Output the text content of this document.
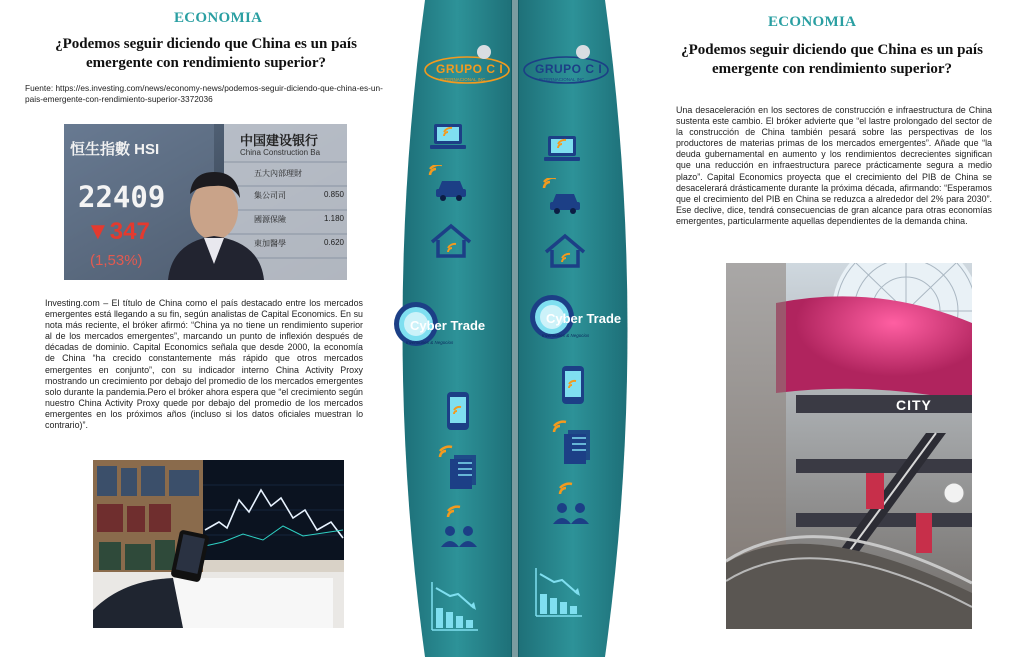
ECONOMIA
¿Podemos seguir diciendo que China es un país emergente con rendimiento superior?
Fuente: https://es.investing.com/news/economy-news/podemos-seguir-diciendo-que-china-es-un-pais-emergente-con-rendimiento-superior-3372036
恒生指數 HSI
22409
▼347
(1,53%)
中国建设银行
China Construction Ba
五大內部理財
集公司司	0.850
國源保險	1.180
東加醫學	0.620
Investing.com – El título de China como el país destacado entre los mercados emergentes está llegando a su fin, según analistas de Capital Economics. En su nota más reciente, el bróker afirmó: “China ya no tiene un rendimiento superior al de los mercados emergentes”, marcando un punto de inflexión después de décadas de dominio. Capital Economics señala que desde 2000, la economía de China “ha crecido constantemente más rápido que otros mercados emergentes en conjunto”, con su indicador interno China Activity Proxy mostrando un crecimiento por debajo del promedio de los mercados emergentes solo durante la pandemia.Pero el bróker ahora espera que “el crecimiento según nuestro China Activity Proxy quede por debajo del promedio de los mercados emergentes en los próximos años (incluso si los datos oficiales muestran lo contrario)”.
GRUPO C I
INTERNACIONAL INC.
GRUPO C I
INTERNACIONAL INC.
Cyber Trade
Inversiones & Negocios
Cyber Trade
Inversiones & Negocios
ECONOMIA
¿Podemos seguir diciendo que China es un país emergente con rendimiento superior?
Una desaceleración en los sectores de construcción e infraestructura de China sustenta este cambio. El bróker advierte que “el lastre prolongado del sector de la construcción de China también pesará sobre las perspectivas de los productores de materias primas de los mercados emergentes”. Añade que “la deuda gubernamental en aumento y los rendimientos decrecientes significan que una reducción en infraestructura parece prácticamente segura a medio plazo”. Capital Economics proyecta que el crecimiento del PIB de China se desacelerará drásticamente durante la próxima década, afirmando: “Esperamos que el crecimiento del PIB en China se reduzca a alrededor del 2% para 2030”. Ese declive, dice, tendrá consecuencias de gran alcance para otras economías emergentes, particularmente aquellas dependientes de la demanda china.
CITY
